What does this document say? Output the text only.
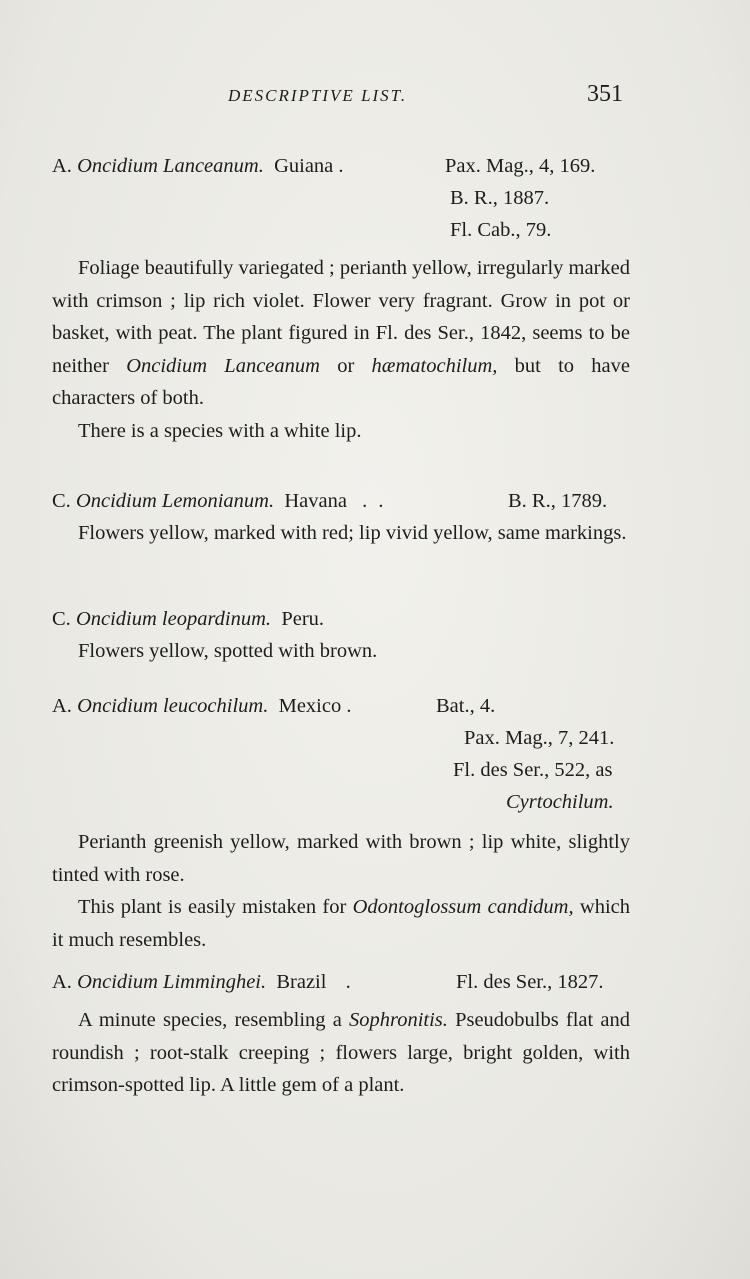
DESCRIPTIVE LIST.	351
A. Oncidium Lanceanum. Guiana .	Pax. Mag., 4, 169.
B. R., 1887.
Fl. Cab., 79.

Foliage beautifully variegated ; perianth yellow, irregularly marked with crimson ; lip rich violet. Flower very fragrant. Grow in pot or basket, with peat. The plant figured in Fl. des Ser., 1842, seems to be neither Oncidium Lanceanum or hæmatochilum, but to have characters of both.

There is a species with a white lip.

C. Oncidium Lemonianum. Havana . .	B. R., 1789.

Flowers yellow, marked with red; lip vivid yellow, same markings.

C. Oncidium leopardinum. Peru.

Flowers yellow, spotted with brown.

A. Oncidium leucochilum. Mexico .	Bat., 4.
Pax. Mag., 7, 241.
Fl. des Ser., 522, as
Cyrtochilum.

Perianth greenish yellow, marked with brown ; lip white, slightly tinted with rose.

This plant is easily mistaken for Odontoglossum candidum, which it much resembles.

A. Oncidium Limminghei. Brazil .	Fl. des Ser., 1827.

A minute species, resembling a Sophronitis. Pseudobulbs flat and roundish ; root-stalk creeping ; flowers large, bright golden, with crimson-spotted lip. A little gem of a plant.
